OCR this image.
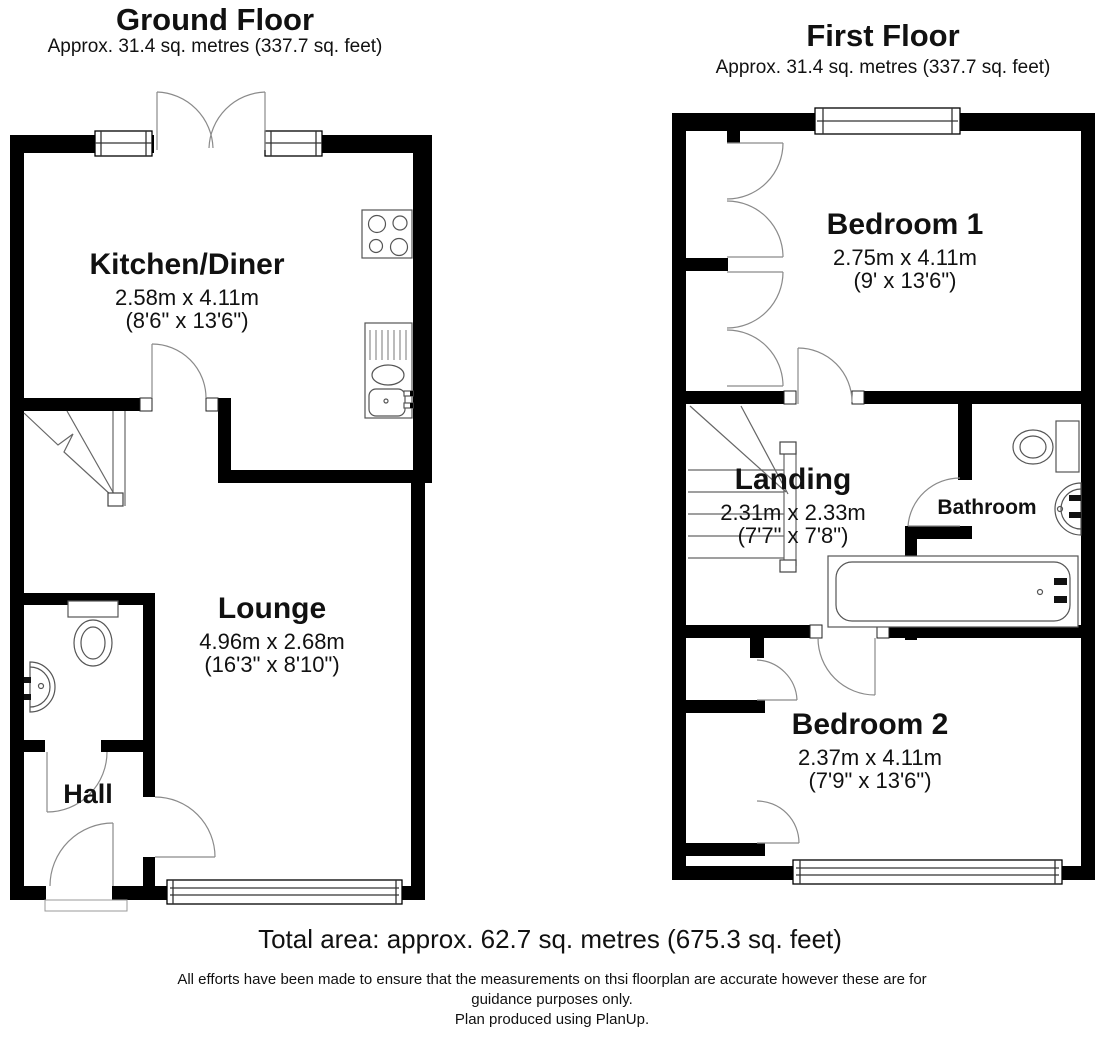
Ground Floor
Approx. 31.4 sq. metres (337.7 sq. feet)	First Floor
Approx. 31.4 sq. metres (337.7 sq. feet)
Kitchen/Diner
2.58m x 4.11m
(8'6" x 13'6")
Lounge
4.96m x 2.68m
(16'3" x 8'10")
Hall
Bedroom 1
2.75m x 4.11m
(9' x 13'6")
Landing
2.31m x 2.33m
(7'7" x 7'8")
Bathroom
Bedroom 2
2.37m x 4.11m
(7'9" x 13'6")
Total area: approx. 62.7 sq. metres (675.3 sq. feet)
All efforts have been made to ensure that the measurements on thsi floorplan are accurate however these are for
guidance purposes only.
Plan produced using PlanUp.
